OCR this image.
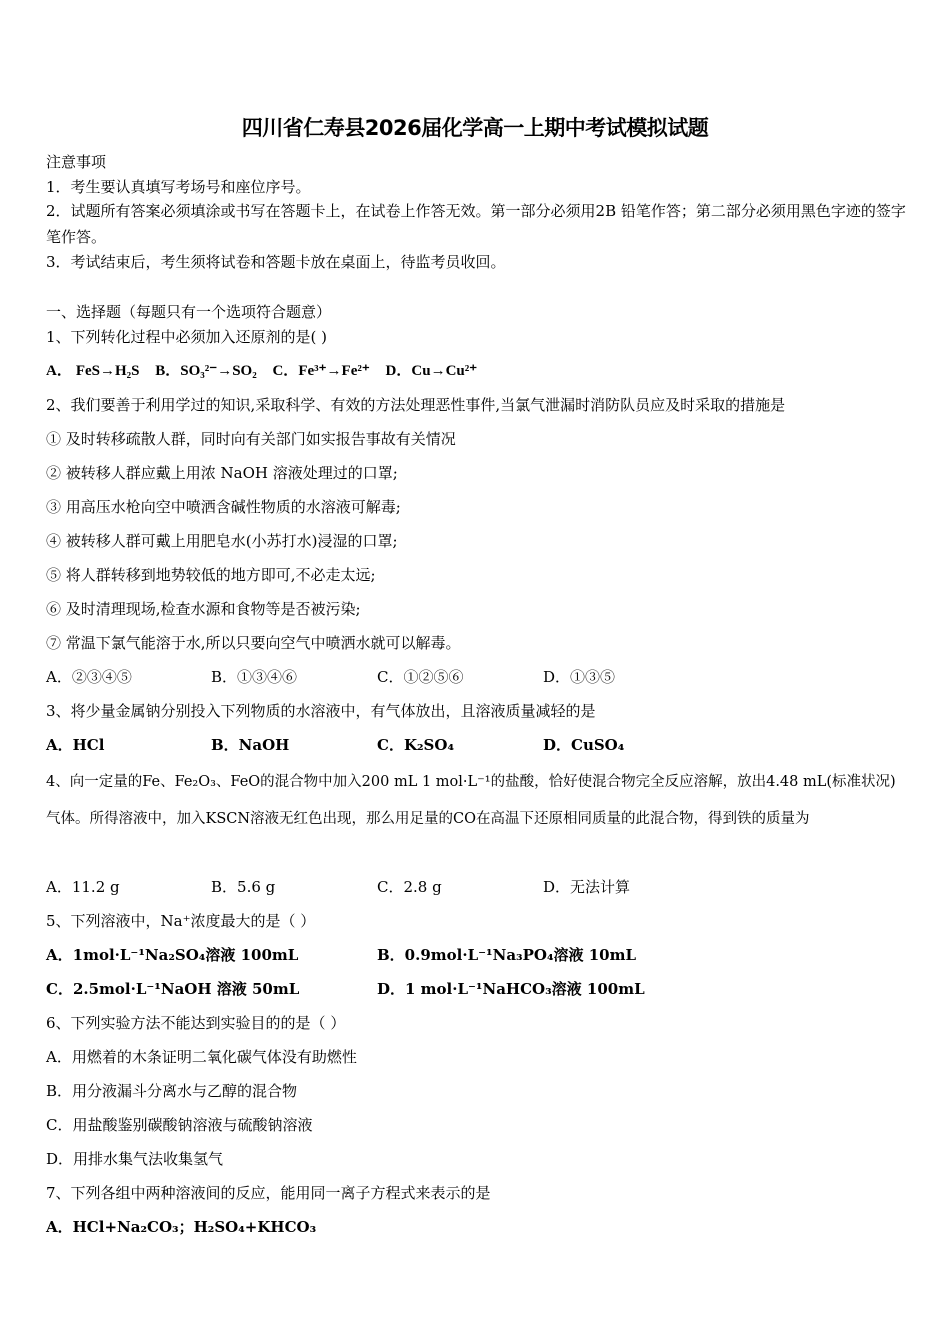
四川省仁寿县2026届化学高一上期中考试模拟试题
注意事项
1．考生要认真填写考场号和座位序号。
2．试题所有答案必须填涂或书写在答题卡上，在试卷上作答无效。第一部分必须用2B 铅笔作答；第二部分必须用黑色字迹的签字笔作答。
3．考试结束后，考生须将试卷和答题卡放在桌面上，待监考员收回。
一、选择题（每题只有一个选项符合题意）
1、下列转化过程中必须加入还原剂的是( )
A． FeS→H₂S B．SO₃²⁻→SO₂ C．Fe³⁺→Fe²⁺ D．Cu→Cu²⁺
2、我们要善于利用学过的知识,采取科学、有效的方法处理恶性事件,当氯气泄漏时消防队员应及时采取的措施是
① 及时转移疏散人群，同时向有关部门如实报告事故有关情况
② 被转移人群应戴上用浓 NaOH 溶液处理过的口罩;
③ 用高压水枪向空中喷洒含碱性物质的水溶液可解毒;
④ 被转移人群可戴上用肥皂水(小苏打水)浸湿的口罩;
⑤ 将人群转移到地势较低的地方即可,不必走太远;
⑥ 及时清理现场,检查水源和食物等是否被污染;
⑦ 常温下氯气能溶于水,所以只要向空气中喷洒水就可以解毒。
A．②③④⑤	B．①③④⑥	C．①②⑤⑥	D．①③⑤
3、将少量金属钠分别投入下列物质的水溶液中，有气体放出，且溶液质量减轻的是
A．HCl	B．NaOH	C．K₂SO₄	D．CuSO₄
4、向一定量的Fe、Fe₂O₃、FeO的混合物中加入200 mL 1 mol·L⁻¹的盐酸，恰好使混合物完全反应溶解，放出4.48 mL(标准状况)气体。所得溶液中，加入KSCN溶液无红色出现，那么用足量的CO在高温下还原相同质量的此混合物，得到铁的质量为
A．11.2 g	B．5.6 g	C．2.8 g	D．无法计算
5、下列溶液中，Na⁺浓度最大的是（ ）
A．1mol·L⁻¹Na₂SO₄溶液 100mL	B．0.9mol·L⁻¹Na₃PO₄溶液 10mL
C．2.5mol·L⁻¹NaOH 溶液 50mL	D．1 mol·L⁻¹NaHCO₃溶液 100mL
6、下列实验方法不能达到实验目的的是（ ）
A．用燃着的木条证明二氧化碳气体没有助燃性
B．用分液漏斗分离水与乙醇的混合物
C．用盐酸鉴别碳酸钠溶液与硫酸钠溶液
D．用排水集气法收集氢气
7、下列各组中两种溶液间的反应，能用同一离子方程式来表示的是
A．HCl+Na₂CO₃；H₂SO₄+KHCO₃
